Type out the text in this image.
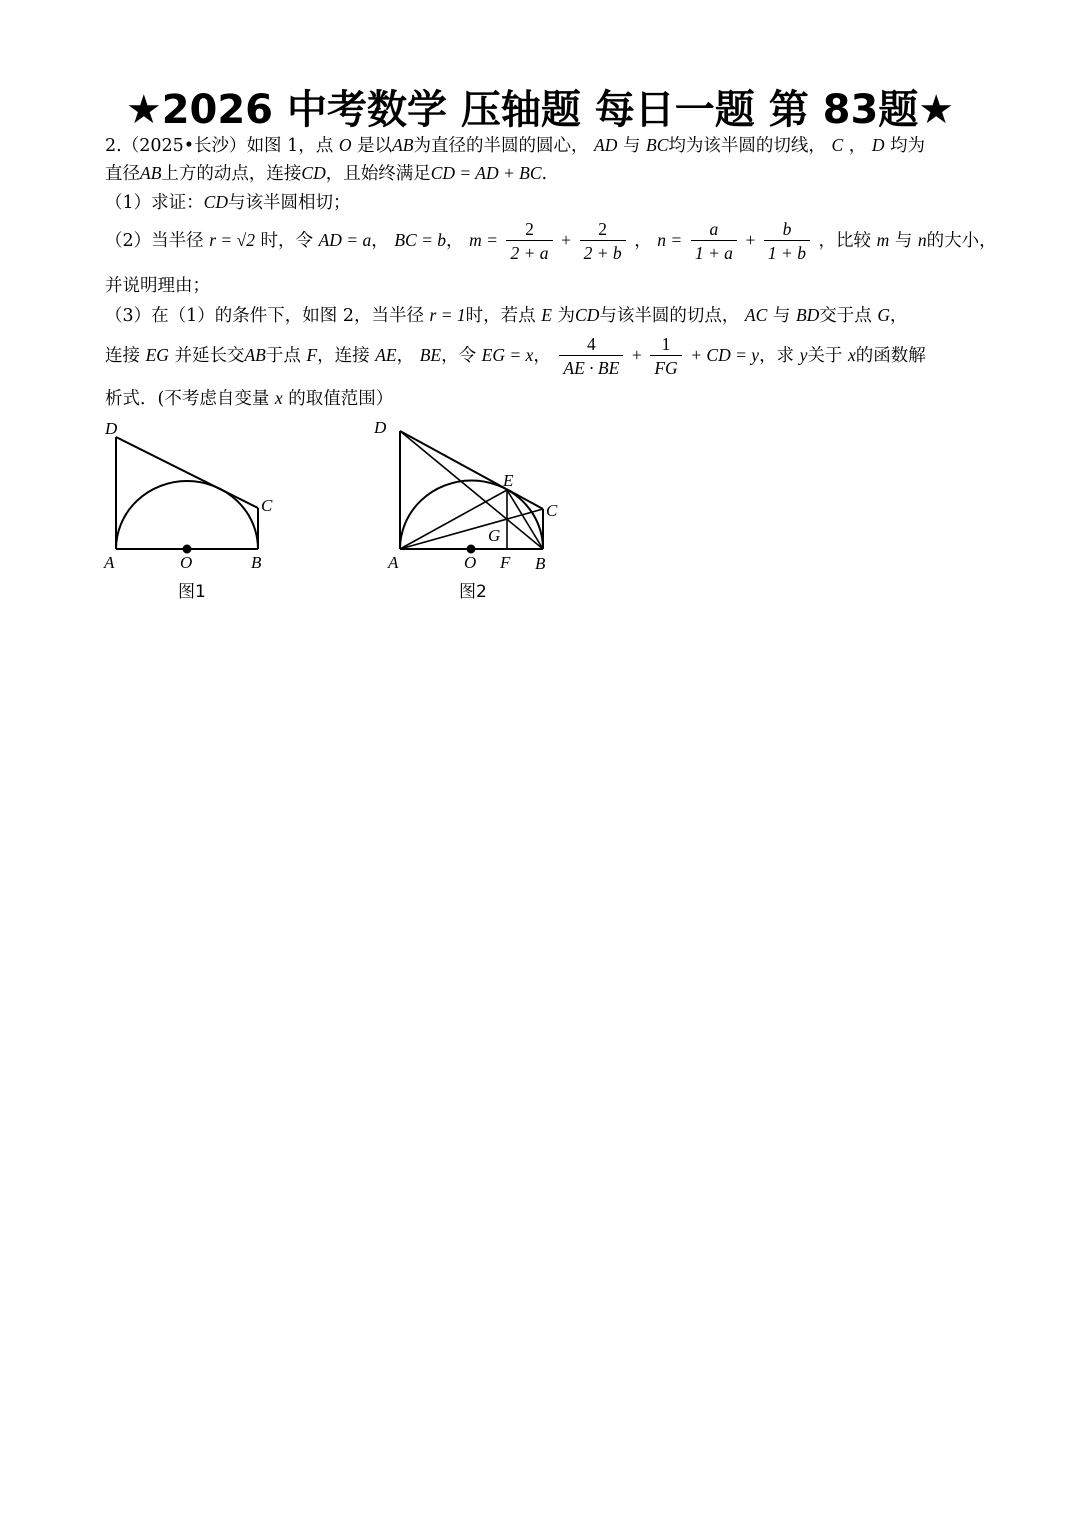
★2026 中考数学 压轴题 每日一题 第 83题★
2.（2025•长沙）如图 1，点 O 是以AB为直径的半圆的圆心， AD 与 BC均为该半圆的切线， C ， D 均为
直径AB上方的动点，连接CD，且始终满足CD = AD + BC.
（1）求证：CD与该半圆相切；
（2）当半径 r = √2 时，令 AD = a， BC = b， $m = \frac{2}{2 + a} + \frac{2}{2 + b}$ ， $n = \frac{a}{1 + a} + \frac{b}{1 + b}$ ，比较 m 与 n的大小，
并说明理由；
（3）在（1）的条件下，如图 2，当半径 r = 1时，若点 E 为CD与该半圆的切点， AC 与 BD交于点 G，
连接 EG 并延长交AB于点 F，连接 AE， BE，令 EG = x， $\frac{4}{AE \cdot BE} + \frac{1}{FG}$ + CD = y，求 y关于 x的函数解
析式．(不考虑自变量 x 的取值范围）
D
C
A	O	B
图1
D
E
C
G
A	O F B
图2
